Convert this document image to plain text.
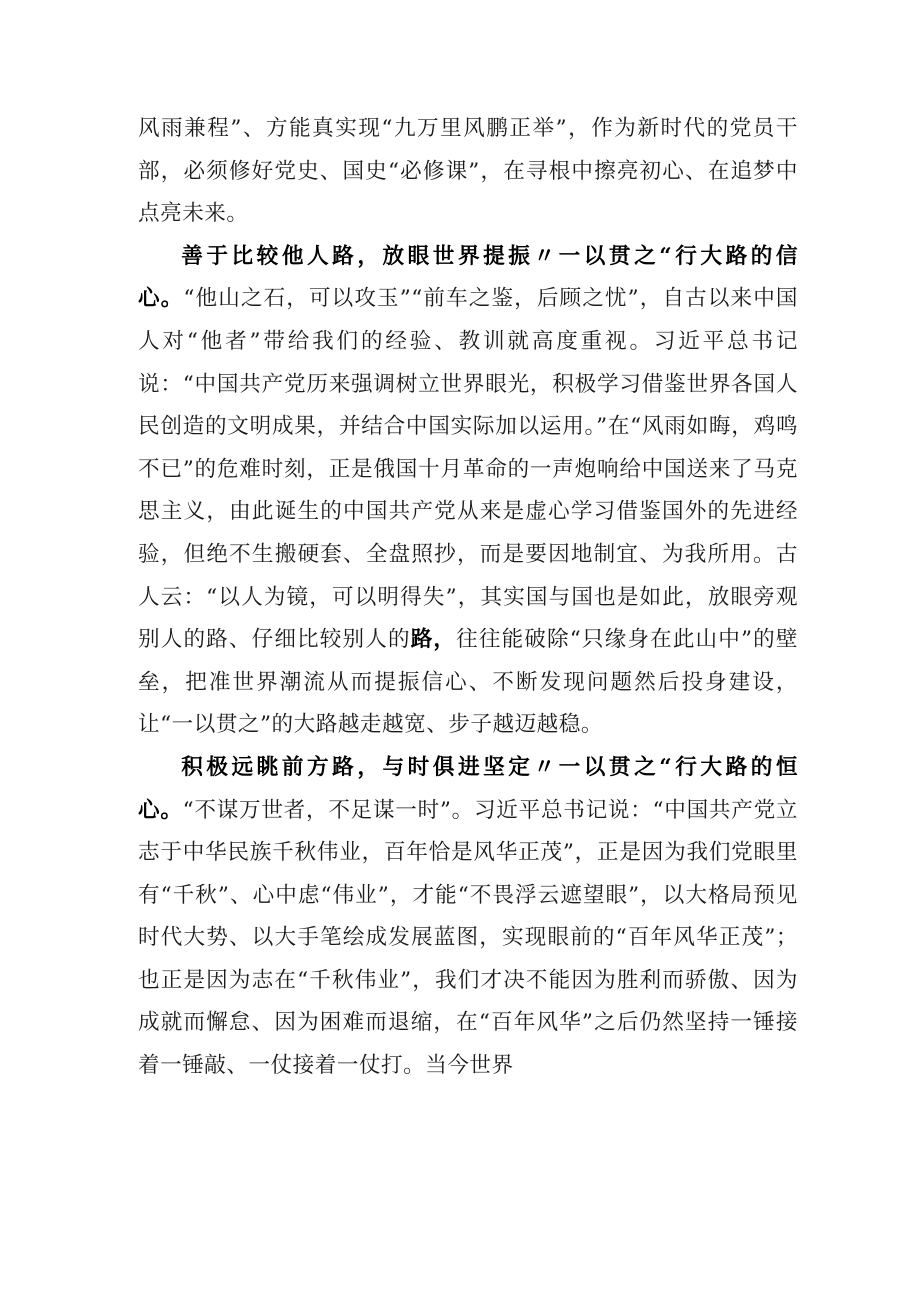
风雨兼程”、方能真实现“九万里风鹏正举”，作为新时代的党员干部，必须修好党史、国史“必修课”，在寻根中擦亮初心、在追梦中点亮未来。

善于比较他人路，放眼世界提振〃一以贯之“行大路的信心。“他山之石，可以攻玉”“前车之鉴，后顾之忧”，自古以来中国人对“他者”带给我们的经验、教训就高度重视。习近平总书记说：“中国共产党历来强调树立世界眼光，积极学习借鉴世界各国人民创造的文明成果，并结合中国实际加以运用。”在“风雨如晦，鸡鸣不已”的危难时刻，正是俄国十月革命的一声炮响给中国送来了马克思主义，由此诞生的中国共产党从来是虚心学习借鉴国外的先进经验，但绝不生搬硬套、全盘照抄，而是要因地制宜、为我所用。古人云：“以人为镜，可以明得失”，其实国与国也是如此，放眼旁观别人的路、仔细比较别人的路，往往能破除“只缘身在此山中”的壁垒，把准世界潮流从而提振信心、不断发现问题然后投身建设，让“一以贯之”的大路越走越宽、步子越迈越稳。

积极远眺前方路，与时俱进坚定〃一以贯之“行大路的恒心。“不谋万世者，不足谋一时”。习近平总书记说：“中国共产党立志于中华民族千秋伟业，百年恰是风华正茂”，正是因为我们党眼里有“千秋”、心中虑“伟业”，才能“不畏浮云遮望眼”，以大格局预见时代大势、以大手笔绘成发展蓝图，实现眼前的“百年风华正茂”；也正是因为志在“千秋伟业”，我们才决不能因为胜利而骄傲、因为成就而懈怠、因为困难而退缩，在“百年风华”之后仍然坚持一锤接着一锤敲、一仗接着一仗打。当今世界
